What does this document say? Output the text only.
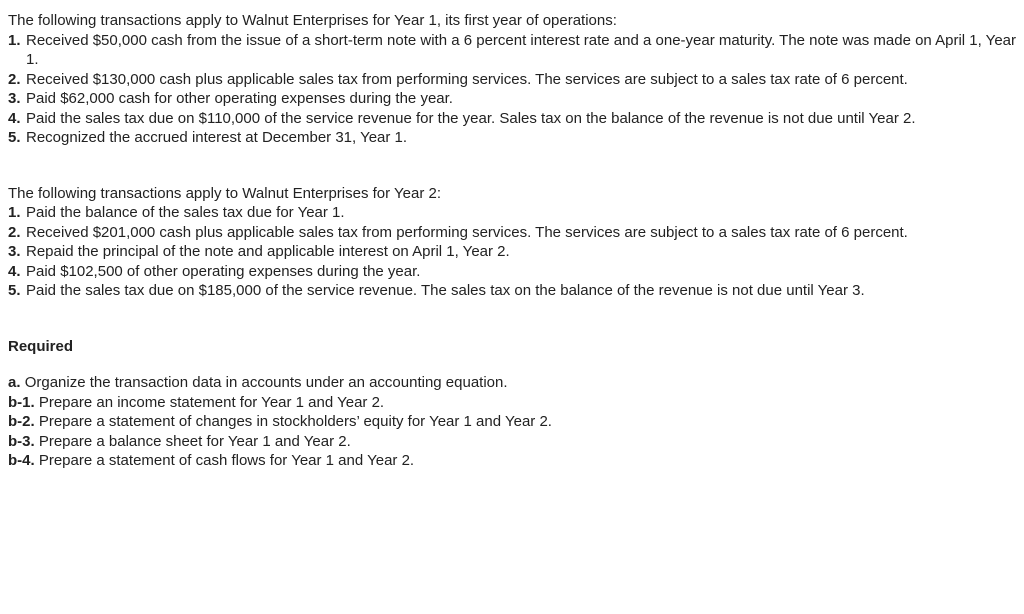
The following transactions apply to Walnut Enterprises for Year 1, its first year of operations:

1. Received $50,000 cash from the issue of a short-term note with a 6 percent interest rate and a one-year maturity. The note was made on April 1, Year 1.
2. Received $130,000 cash plus applicable sales tax from performing services. The services are subject to a sales tax rate of 6 percent.
3. Paid $62,000 cash for other operating expenses during the year.
4. Paid the sales tax due on $110,000 of the service revenue for the year. Sales tax on the balance of the revenue is not due until Year 2.
5. Recognized the accrued interest at December 31, Year 1.

The following transactions apply to Walnut Enterprises for Year 2:

1. Paid the balance of the sales tax due for Year 1.
2. Received $201,000 cash plus applicable sales tax from performing services. The services are subject to a sales tax rate of 6 percent.
3. Repaid the principal of the note and applicable interest on April 1, Year 2.
4. Paid $102,500 of other operating expenses during the year.
5. Paid the sales tax due on $185,000 of the service revenue. The sales tax on the balance of the revenue is not due until Year 3.
Required
a. Organize the transaction data in accounts under an accounting equation.
b-1. Prepare an income statement for Year 1 and Year 2.
b-2. Prepare a statement of changes in stockholders’ equity for Year 1 and Year 2.
b-3. Prepare a balance sheet for Year 1 and Year 2.
b-4. Prepare a statement of cash flows for Year 1 and Year 2.
